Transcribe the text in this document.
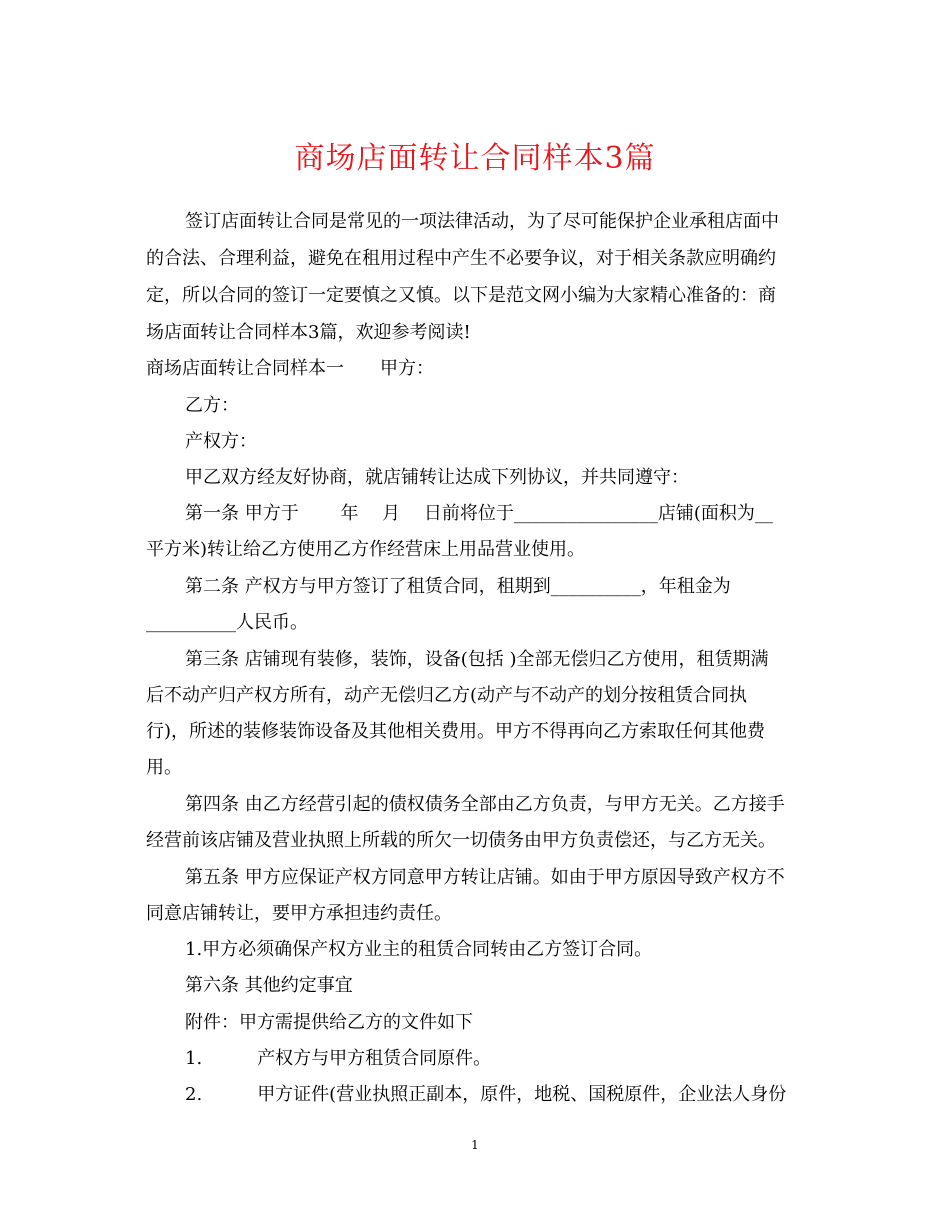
商场店面转让合同样本3篇
签订店面转让合同是常见的一项法律活动，为了尽可能保护企业承租店面中
的合法、合理利益，避免在租用过程中产生不必要争议，对于相关条款应明确约
定，所以合同的签订一定要慎之又慎。以下是范文网小编为大家精心准备的：商
场店面转让合同样本3篇，欢迎参考阅读!
商场店面转让合同样本一　　甲方：
乙方：
产权方：
甲乙双方经友好协商，就店铺转让达成下列协议，并共同遵守：
第一条 甲方于　　 年　 月　 日前将位于________________店铺(面积为__
平方米)转让给乙方使用乙方作经营床上用品营业使用。
第二条 产权方与甲方签订了租赁合同，租期到__________，年租金为
__________人民币。
第三条 店铺现有装修，装饰，设备(包括 )全部无偿归乙方使用，租赁期满
后不动产归产权方所有，动产无偿归乙方(动产与不动产的划分按租赁合同执
行)，所述的装修装饰设备及其他相关费用。甲方不得再向乙方索取任何其他费
用。
第四条 由乙方经营引起的债权债务全部由乙方负责，与甲方无关。乙方接手
经营前该店铺及营业执照上所载的所欠一切债务由甲方负责偿还，与乙方无关。
第五条 甲方应保证产权方同意甲方转让店铺。如由于甲方原因导致产权方不
同意店铺转让，要甲方承担违约责任。
1.甲方必须确保产权方业主的租赁合同转由乙方签订合同。
第六条 其他约定事宜
附件：甲方需提供给乙方的文件如下
1.	产权方与甲方租赁合同原件。
2.	甲方证件(营业执照正副本，原件，地税、国税原件，企业法人身份
1
